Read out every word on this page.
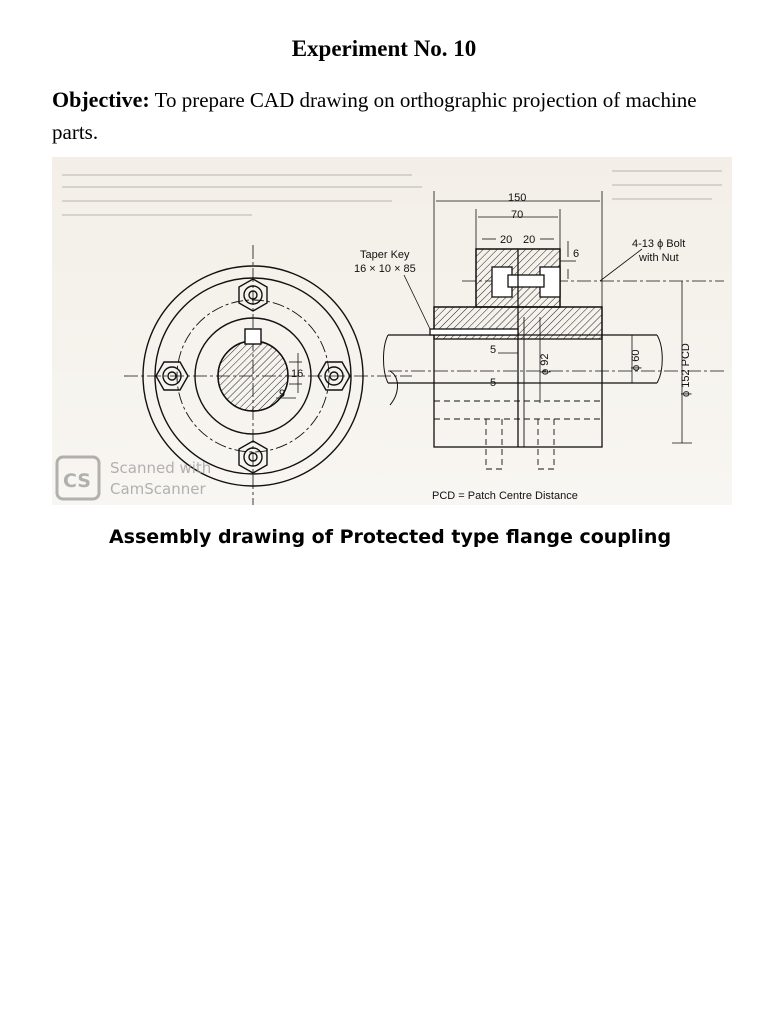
Experiment No. 10
Objective: To prepare CAD drawing on orthographic projection of machine parts.
16
9
150
70
20 20
6
5
5
ϕ 92	ϕ 60	ϕ 152 PCD
Taper Key
16 × 10 × 85
4-13 ϕ Bolt
with Nut
PCD = Patch Centre Distance
CS
Scanned with
CamScanner
Assembly drawing of Protected type flange coupling
